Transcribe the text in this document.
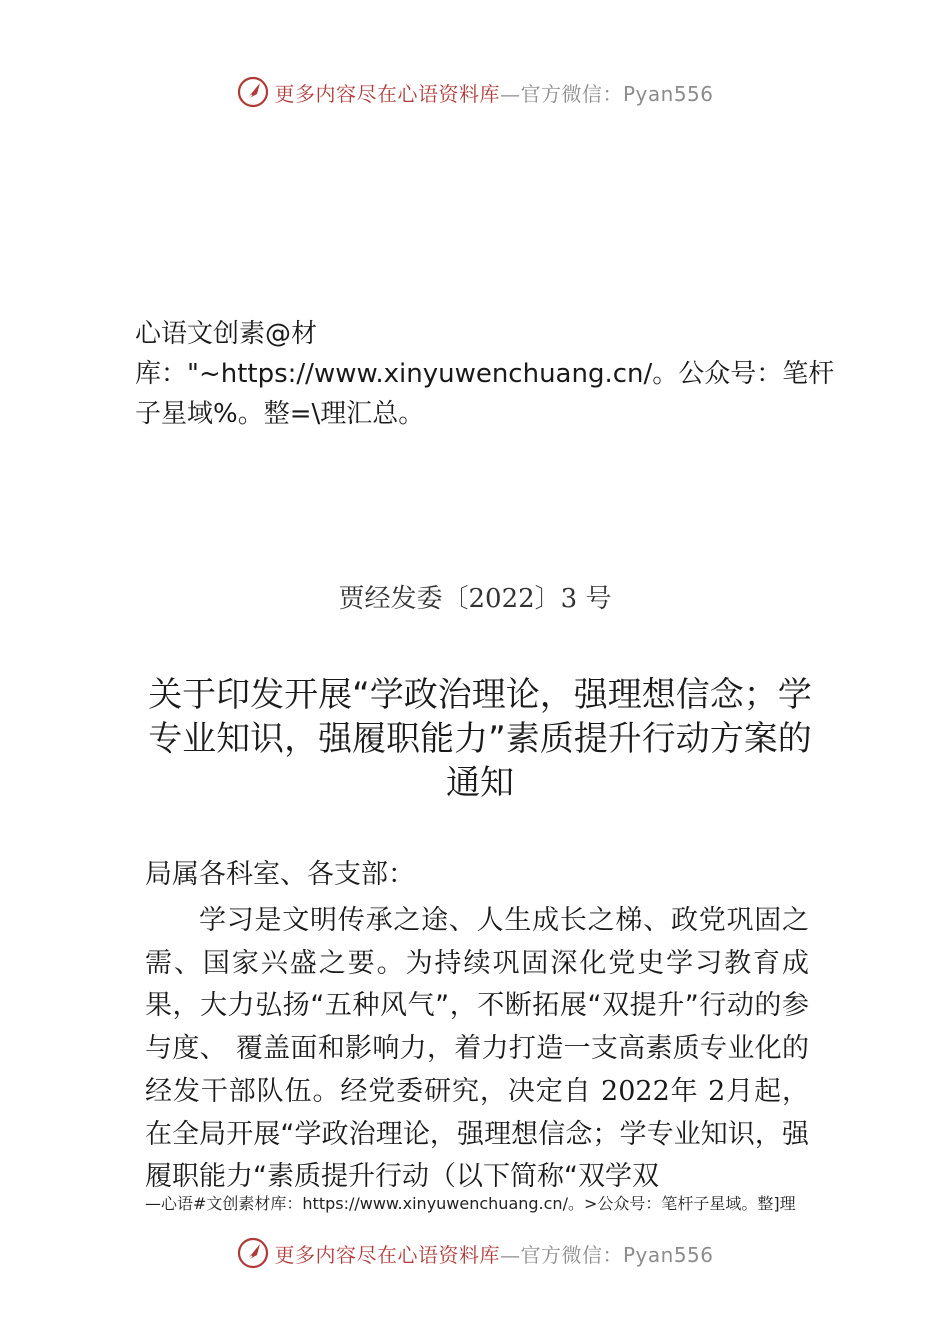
更多内容尽在心语资料库—官方微信：Pyan556

心语文创素@材库："~https://www.xinyuwenchuang.cn/。公众号：笔杆子星域%。整=\理汇总。

贾经发委〔2022〕3 号

关于印发开展“学政治理论，强理想信念；学专业知识，强履职能力”素质提升行动方案的通知

局属各科室、各支部：

学习是文明传承之途、人生成长之梯、政党巩固之需、国家兴盛之要。为持续巩固深化党史学习教育成果，大力弘扬“五种风气”，不断拓展“双提升”行动的参与度、 覆盖面和影响力，着力打造一支高素质专业化的经发干部队伍。经党委研究，决定自 2022年 2月起，在全局开展“学政治理论，强理想信念；学专业知识，强履职能力“素质提升行动（以下简称“双学双

—心语#文创素材库：https://www.xinyuwenchuang.cn/。>公众号：笔杆子星域。整]理

更多内容尽在心语资料库—官方微信：Pyan556
